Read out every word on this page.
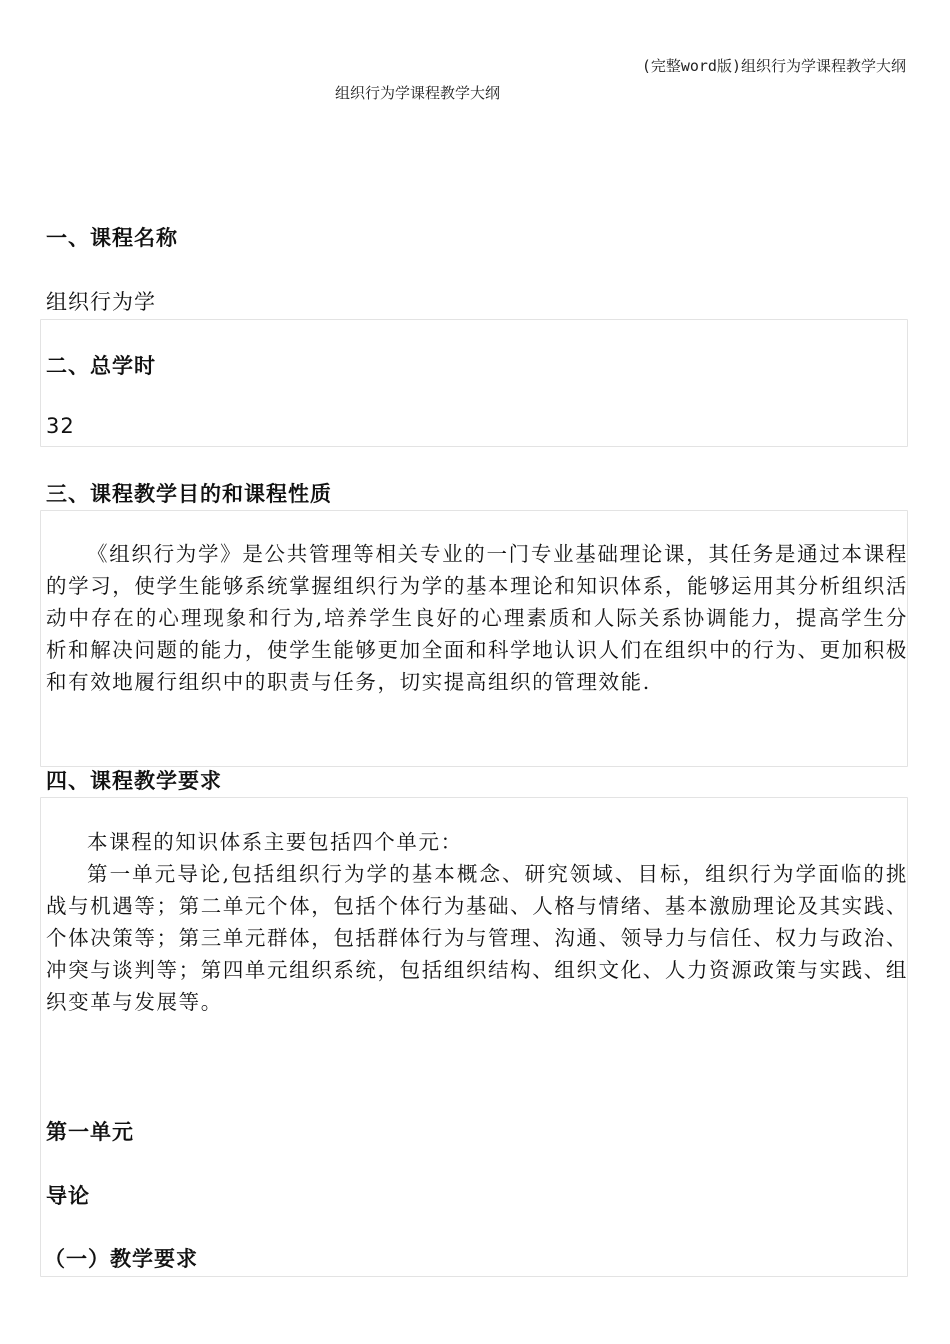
(完整word版)组织行为学课程教学大纲
组织行为学课程教学大纲
一、课程名称
组织行为学
二、总学时
32
三、课程教学目的和课程性质

《组织行为学》是公共管理等相关专业的一门专业基础理论课，其任务是通过本课程的学习，使学生能够系统掌握组织行为学的基本理论和知识体系，能够运用其分析组织活动中存在的心理现象和行为,培养学生良好的心理素质和人际关系协调能力，提高学生分析和解决问题的能力，使学生能够更加全面和科学地认识人们在组织中的行为、更加积极和有效地履行组织中的职责与任务，切实提高组织的管理效能.

四、课程教学要求

本课程的知识体系主要包括四个单元：

第一单元导论,包括组织行为学的基本概念、研究领域、目标，组织行为学面临的挑战与机遇等；第二单元个体，包括个体行为基础、人格与情绪、基本激励理论及其实践、个体决策等；第三单元群体，包括群体行为与管理、沟通、领导力与信任、权力与政治、冲突与谈判等；第四单元组织系统，包括组织结构、组织文化、人力资源政策与实践、组织变革与发展等。

第一单元
导论
（一）教学要求
